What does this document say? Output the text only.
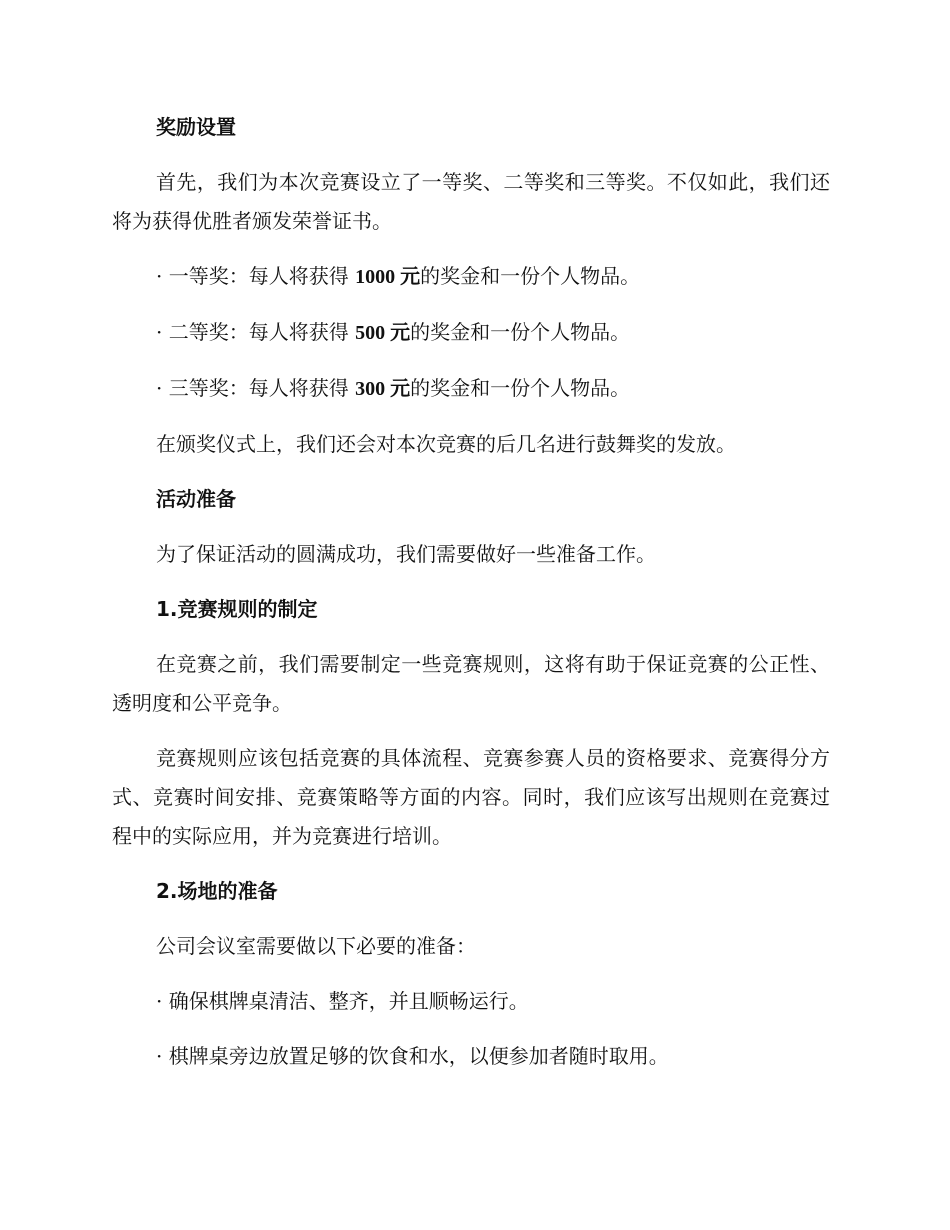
奖励设置
首先，我们为本次竞赛设立了一等奖、二等奖和三等奖。不仅如此，我们还将为获得优胜者颁发荣誉证书。
· 一等奖：每人将获得 1000 元的奖金和一份个人物品。
· 二等奖：每人将获得 500 元的奖金和一份个人物品。
· 三等奖：每人将获得 300 元的奖金和一份个人物品。
在颁奖仪式上，我们还会对本次竞赛的后几名进行鼓舞奖的发放。
活动准备
为了保证活动的圆满成功，我们需要做好一些准备工作。
1.竞赛规则的制定
在竞赛之前，我们需要制定一些竞赛规则，这将有助于保证竞赛的公正性、透明度和公平竞争。
竞赛规则应该包括竞赛的具体流程、竞赛参赛人员的资格要求、竞赛得分方式、竞赛时间安排、竞赛策略等方面的内容。同时，我们应该写出规则在竞赛过程中的实际应用，并为竞赛进行培训。
2.场地的准备
公司会议室需要做以下必要的准备：
· 确保棋牌桌清洁、整齐，并且顺畅运行。
· 棋牌桌旁边放置足够的饮食和水，以便参加者随时取用。
